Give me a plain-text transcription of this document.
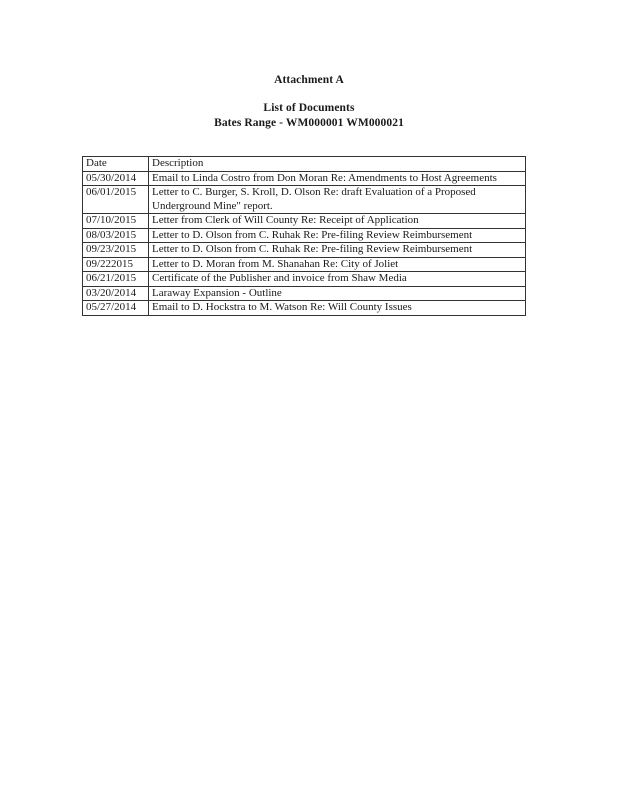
Attachment A
List of Documents
Bates Range - WM000001 WM000021
Date	Description
05/30/2014	Email to Linda Costro from Don Moran Re: Amendments to Host Agreements
06/01/2015	Letter to C. Burger, S. Kroll, D. Olson Re: draft Evaluation of a Proposed Underground Mine" report.
07/10/2015	Letter from Clerk of Will County Re: Receipt of Application
08/03/2015	Letter to D. Olson from C. Ruhak Re: Pre-filing Review Reimbursement
09/23/2015	Letter to D. Olson from C. Ruhak Re: Pre-filing Review Reimbursement
09/222015	Letter to D. Moran from M. Shanahan Re: City of Joliet
06/21/2015	Certificate of the Publisher and invoice from Shaw Media
03/20/2014	Laraway Expansion - Outline
05/27/2014	Email to D. Hockstra to M. Watson Re: Will County Issues
